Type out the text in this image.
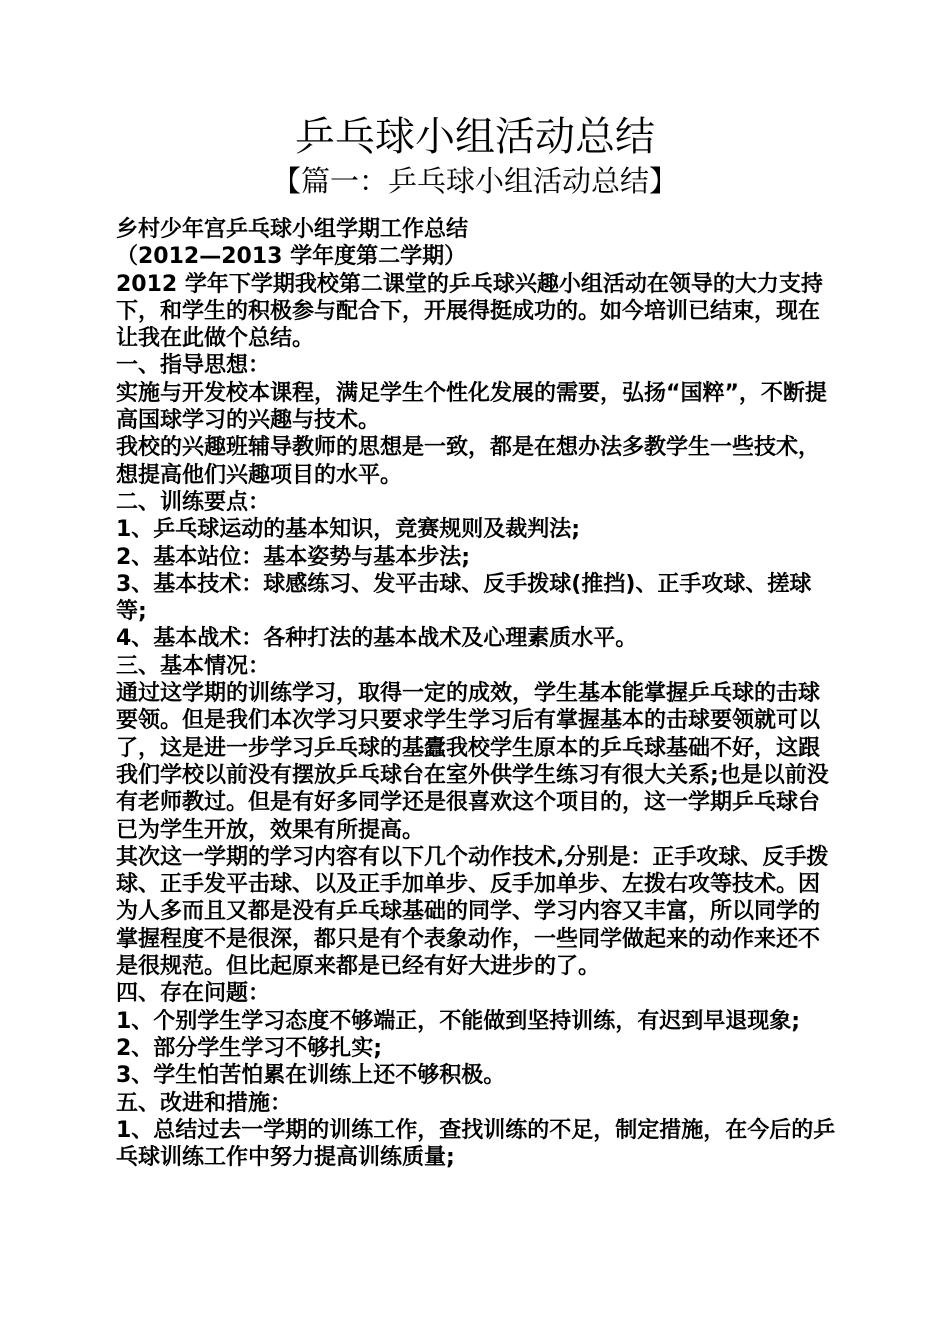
乒乓球小组活动总结
【篇一：乒乓球小组活动总结】

乡村少年宫乒乓球小组学期工作总结

（2012—2013 学年度第二学期）

2012 学年下学期我校第二课堂的乒乓球兴趣小组活动在领导的大力支持下，和学生的积极参与配合下，开展得挺成功的。如今培训已结束，现在让我在此做个总结。

一、指导思想：

实施与开发校本课程，满足学生个性化发展的需要，弘扬“国粹”，不断提高国球学习的兴趣与技术。

我校的兴趣班辅导教师的思想是一致，都是在想办法多教学生一些技术，想提高他们兴趣项目的水平。

二、训练要点：

1、乒乓球运动的基本知识，竞赛规则及裁判法;

2、基本站位：基本姿势与基本步法;

3、基本技术：球感练习、发平击球、反手拨球(推挡)、正手攻球、搓球等;

4、基本战术：各种打法的基本战术及心理素质水平。

三、基本情况：

通过这学期的训练学习，取得一定的成效，学生基本能掌握乒乓球的击球要领。但是我们本次学习只要求学生学习后有掌握基本的击球要领就可以了，这是进一步学习乒乓球的基蠹我校学生原本的乒乓球基础不好，这跟我们学校以前没有摆放乒乓球台在室外供学生练习有很大关系;也是以前没有老师教过。但是有好多同学还是很喜欢这个项目的，这一学期乒乓球台已为学生开放，效果有所提高。

其次这一学期的学习内容有以下几个动作技术,分别是：正手攻球、反手拨球、正手发平击球、以及正手加单步、反手加单步、左拨右攻等技术。因为人多而且又都是没有乒乓球基础的同学、学习内容又丰富，所以同学的掌握程度不是很深，都只是有个表象动作，一些同学做起来的动作来还不是很规范。但比起原来都是已经有好大进步的了。

四、存在问题：

1、个别学生学习态度不够端正，不能做到坚持训练，有迟到早退现象;

2、部分学生学习不够扎实;

3、学生怕苦怕累在训练上还不够积极。

五、改进和措施：

1、总结过去一学期的训练工作，查找训练的不足，制定措施，在今后的乒乓球训练工作中努力提高训练质量;
